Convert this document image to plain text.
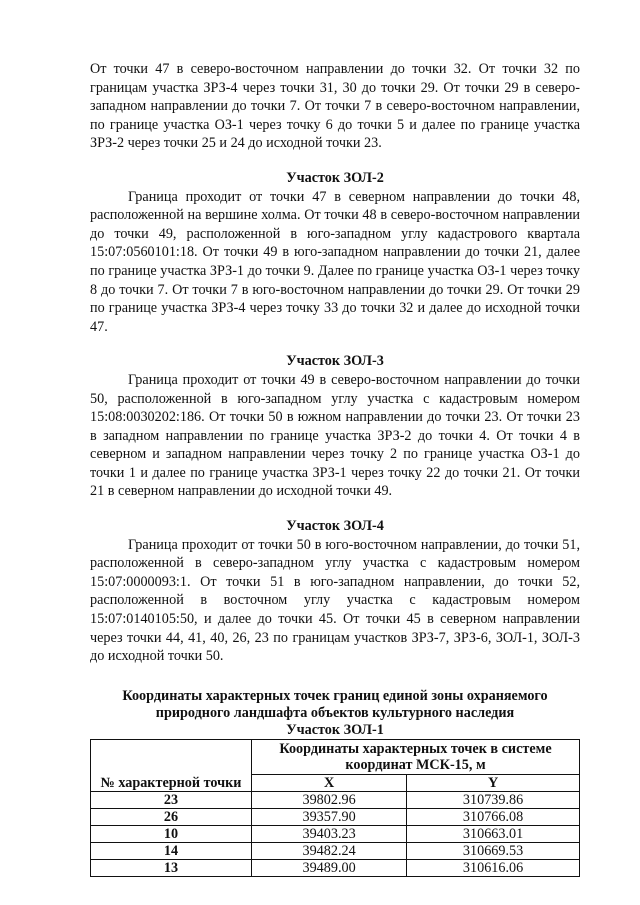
От точки 47 в северо-восточном направлении до точки 32. От точки 32 по границам участка ЗРЗ-4 через точки 31, 30 до точки 29. От точки 29 в северо-западном направлении до точки 7. От точки 7 в северо-восточном направлении, по границе участка ОЗ-1 через точку 6 до точки 5 и далее по границе участка ЗРЗ-2 через точки 25 и 24 до исходной точки 23.

Участок ЗОЛ-2

Граница проходит от точки 47 в северном направлении до точки 48, расположенной на вершине холма. От точки 48 в северо-восточном направлении до точки 49, расположенной в юго-западном углу кадастрового квартала 15:07:0560101:18. От точки 49 в юго-западном направлении до точки 21, далее по границе участка ЗРЗ-1 до точки 9. Далее по границе участка ОЗ-1 через точку 8 до точки 7. От точки 7 в юго-восточном направлении до точки 29. От точки 29 по границе участка ЗРЗ-4 через точку 33 до точки 32 и далее до исходной точки 47.

Участок ЗОЛ-3

Граница проходит от точки 49 в северо-восточном направлении до точки 50, расположенной в юго-западном углу участка с кадастровым номером 15:08:0030202:186. От точки 50 в южном направлении до точки 23. От точки 23 в западном направлении по границе участка ЗРЗ-2 до точки 4. От точки 4 в северном и западном направлении через точку 2 по границе участка ОЗ-1 до точки 1 и далее по границе участка ЗРЗ-1 через точку 22 до точки 21. От точки 21 в северном направлении до исходной точки 49.

Участок ЗОЛ-4

Граница проходит от точки 50 в юго-восточном направлении, до точки 51, расположенной в северо-западном углу участка с кадастровым номером 15:07:0000093:1. От точки 51 в юго-западном направлении, до точки 52, расположенной в восточном углу участка с кадастровым номером 15:07:0140105:50, и далее до точки 45. От точки 45 в северном направлении через точки 44, 41, 40, 26, 23 по границам участков ЗРЗ-7, ЗРЗ-6, ЗОЛ-1, ЗОЛ-3 до исходной точки 50.

Координаты характерных точек границ единой зоны охраняемого
природного ландшафта объектов культурного наследия
Участок ЗОЛ-1
№ характерной точки	Координаты характерных точек в системе координат МСК-15, м	
	X	Y
23	39802.96	310739.86
26	39357.90	310766.08
10	39403.23	310663.01
14	39482.24	310669.53
13	39489.00	310616.06
